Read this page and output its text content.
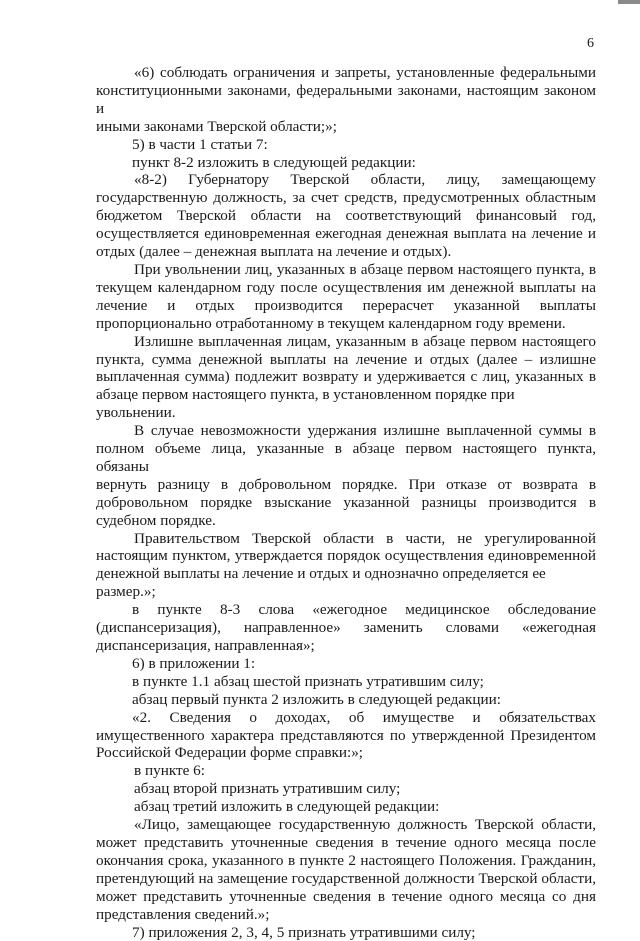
6

«6) соблюдать ограничения и запреты, установленные федеральными

конституционными законами, федеральными законами, настоящим законом и

иными законами Тверской области;»;

5) в части 1 статьи 7:

пункт 8-2 изложить в следующей редакции:

«8-2) Губернатору Тверской области, лицу, замещающему

государственную должность, за счет средств, предусмотренных областным

бюджетом Тверской области на соответствующий финансовый год,

осуществляется единовременная ежегодная денежная выплата на лечение и

отдых (далее – денежная выплата на лечение и отдых).

При увольнении лиц, указанных в абзаце первом настоящего пункта, в

текущем календарном году после осуществления им денежной выплаты на

лечение и отдых производится перерасчет указанной выплаты

пропорционально отработанному в текущем календарном году времени.

Излишне выплаченная лицам, указанным в абзаце первом настоящего

пункта, сумма денежной выплаты на лечение и отдых (далее – излишне

выплаченная сумма) подлежит возврату и удерживается с лиц, указанных в

абзаце первом настоящего пункта, в установленном порядке при увольнении.

В случае невозможности удержания излишне выплаченной суммы в

полном объеме лица, указанные в абзаце первом настоящего пункта, обязаны

вернуть разницу в добровольном порядке. При отказе от возврата в

добровольном порядке взыскание указанной разницы производится в

судебном порядке.

Правительством Тверской области в части, не урегулированной

настоящим пунктом, утверждается порядок осуществления единовременной

денежной выплаты на лечение и отдых и однозначно определяется ее размер.»;

в пункте 8-3 слова «ежегодное медицинское обследование

(диспансеризация), направленное» заменить словами «ежегодная

диспансеризация, направленная»;

6) в приложении 1:

в пункте 1.1 абзац шестой признать утратившим силу;

абзац первый пункта 2 изложить в следующей редакции:

«2. Сведения о доходах, об имуществе и обязательствах

имущественного характера представляются по утвержденной Президентом

Российской Федерации форме справки:»;

в пункте 6:

абзац второй признать утратившим силу;

абзац третий изложить в следующей редакции:

«Лицо, замещающее государственную должность Тверской области,

может представить уточненные сведения в течение одного месяца после

окончания срока, указанного в пункте 2 настоящего Положения. Гражданин,

претендующий на замещение государственной должности Тверской области,

может представить уточненные сведения в течение одного месяца со дня

представления сведений.»;

7) приложения 2, 3, 4, 5 признать утратившими силу;
